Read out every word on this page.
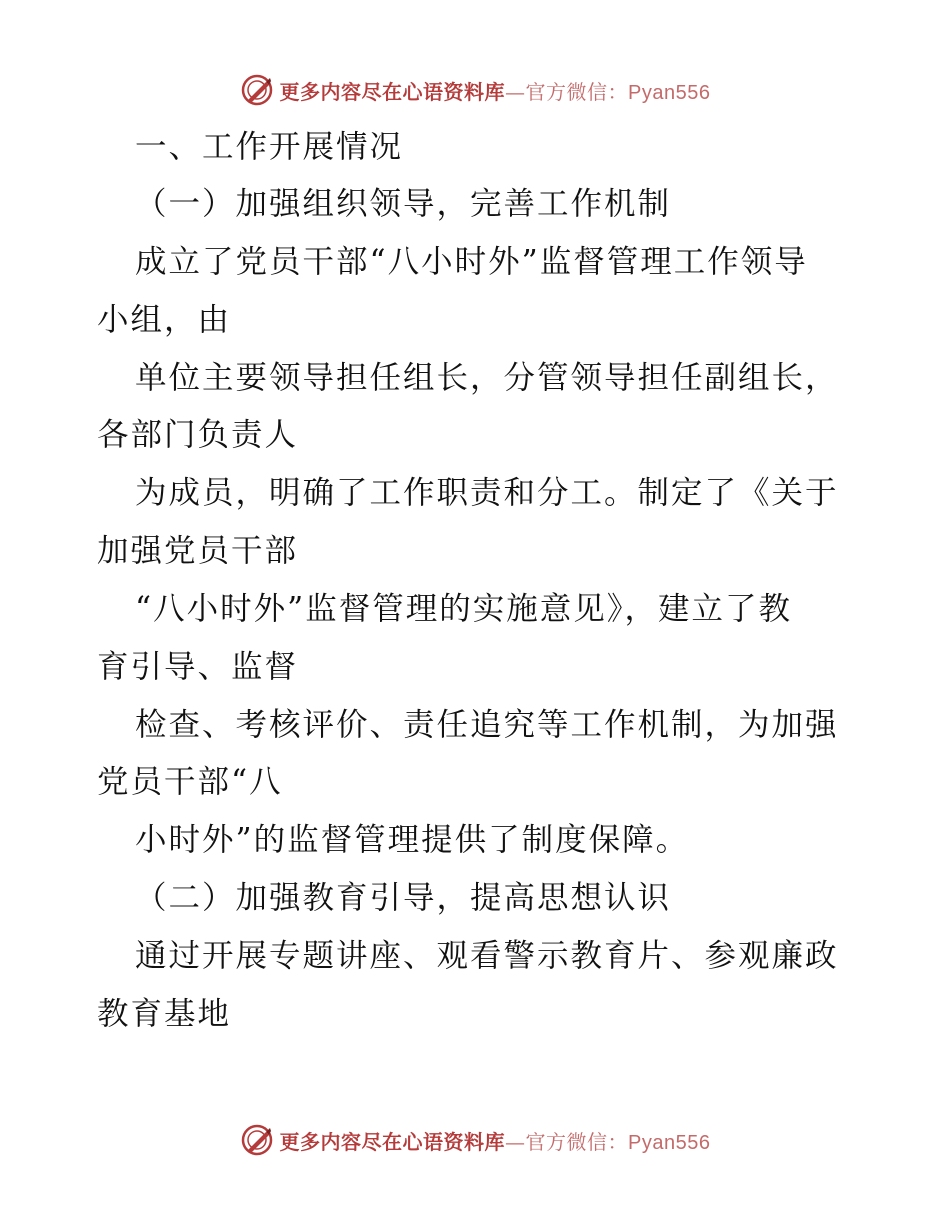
更多内容尽在心语资料库—官方微信：Pyan556
一、工作开展情况
（一）加强组织领导，完善工作机制
成立了党员干部“八小时外”监督管理工作领导
小组，由
单位主要领导担任组长，分管领导担任副组长，
各部门负责人
为成员，明确了工作职责和分工。制定了《关于
加强党员干部
“八小时外”监督管理的实施意见》，建立了教
育引导、监督
检查、考核评价、责任追究等工作机制，为加强
党员干部“八
小时外”的监督管理提供了制度保障。
（二）加强教育引导，提高思想认识
通过开展专题讲座、观看警示教育片、参观廉政
教育基地
更多内容尽在心语资料库—官方微信：Pyan556
